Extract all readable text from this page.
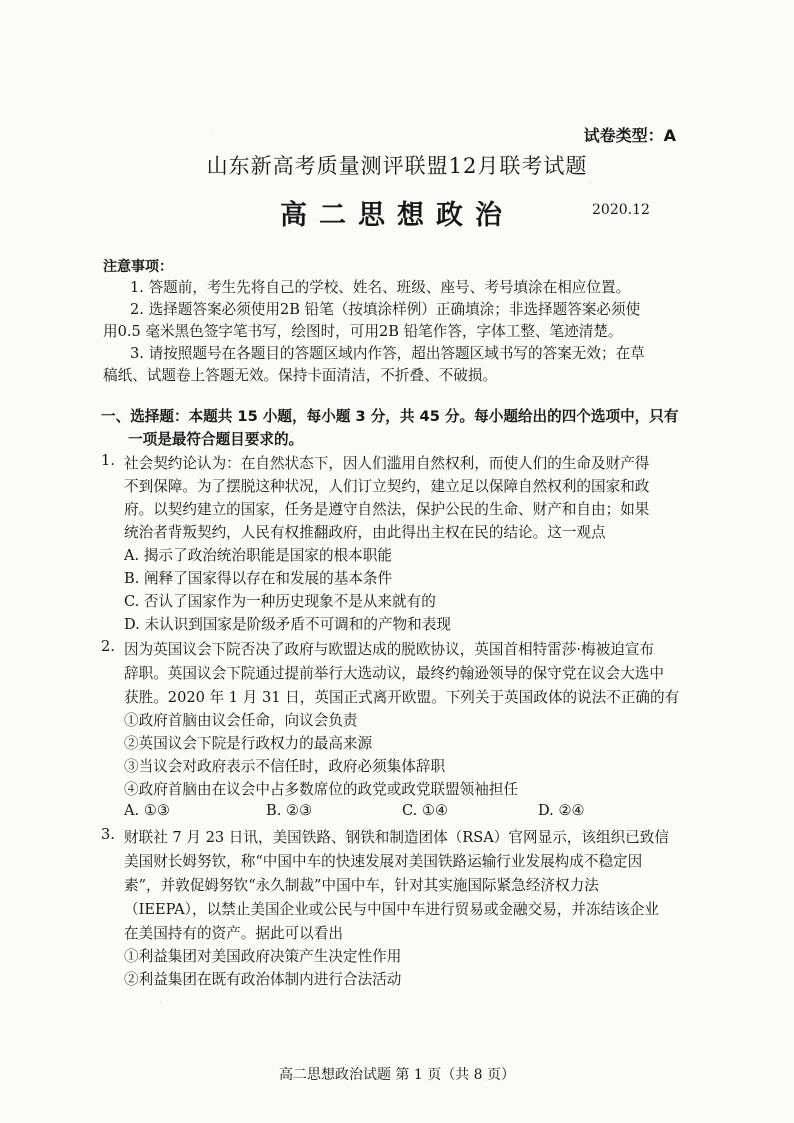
试卷类型：A
山东新高考质量测评联盟12月联考试题
高二思想政治	2020.12
注意事项：
1. 答题前，考生先将自己的学校、姓名、班级、座号、考号填涂在相应位置。
2. 选择题答案必须使用2B 铅笔（按填涂样例）正确填涂；非选择题答案必须使
用0.5 毫米黑色签字笔书写，绘图时，可用2B 铅笔作答，字体工整、笔迹清楚。
3. 请按照题号在各题目的答题区域内作答，超出答题区域书写的答案无效；在草
稿纸、试题卷上答题无效。保持卡面清洁，不折叠、不破损。
一、选择题：本题共 15 小题，每小题 3 分，共 45 分。每小题给出的四个选项中，只有
一项是最符合题目要求的。
1. 社会契约论认为：在自然状态下，因人们滥用自然权利，而使人们的生命及财产得
不到保障。为了摆脱这种状况，人们订立契约，建立足以保障自然权利的国家和政
府。以契约建立的国家，任务是遵守自然法，保护公民的生命、财产和自由；如果
统治者背叛契约，人民有权推翻政府，由此得出主权在民的结论。这一观点
A. 揭示了政治统治职能是国家的根本职能
B. 阐释了国家得以存在和发展的基本条件
C. 否认了国家作为一种历史现象不是从来就有的
D. 未认识到国家是阶级矛盾不可调和的产物和表现
2. 因为英国议会下院否决了政府与欧盟达成的脱欧协议，英国首相特雷莎·梅被迫宣布
辞职。英国议会下院通过提前举行大选动议，最终约翰逊领导的保守党在议会大选中
获胜。2020 年 1 月 31 日，英国正式离开欧盟。下列关于英国政体的说法不正确的有
①政府首脑由议会任命，向议会负责
②英国议会下院是行政权力的最高来源
③当议会对政府表示不信任时，政府必须集体辞职
④政府首脑由在议会中占多数席位的政党或政党联盟领袖担任
A. ①③	B. ②③	C. ①④	D. ②④
3. 财联社 7 月 23 日讯，美国铁路、钢铁和制造团体（RSA）官网显示，该组织已致信
美国财长姆努钦，称“中国中车的快速发展对美国铁路运输行业发展构成不稳定因
素”，并敦促姆努钦“永久制裁”中国中车，针对其实施国际紧急经济权力法
（IEEPA），以禁止美国企业或公民与中国中车进行贸易或金融交易，并冻结该企业
在美国持有的资产。据此可以看出
①利益集团对美国政府决策产生决定性作用
②利益集团在既有政治体制内进行合法活动
高二思想政治试题 第 1 页（共 8 页）
